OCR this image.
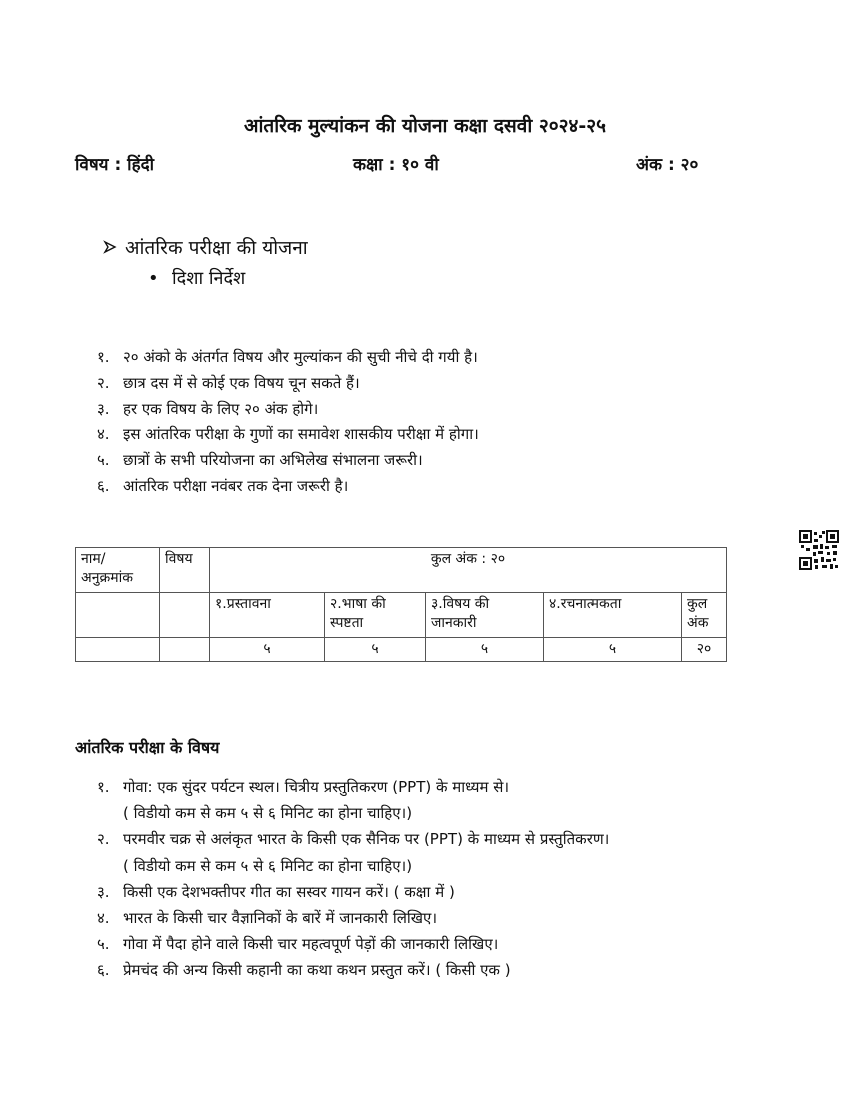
आंतरिक मुल्यांकन की योजना कक्षा दसवी २०२४-२५
विषय : हिंदी	कक्षा : १० वी	अंक : २०
आंतरिक परीक्षा की योजना
• दिशा निर्देश
१. २० अंको के अंतर्गत विषय और मुल्यांकन की सुची नीचे दी गयी है।
२. छात्र दस में से कोई एक विषय चून सकते हैं।
३. हर एक विषय के लिए २० अंक होगे।
४. इस आंतरिक परीक्षा के गुणों का समावेश शासकीय परीक्षा में होगा।
५. छात्रों के सभी परियोजना का अभिलेख संभालना जरूरी।
६. आंतरिक परीक्षा नवंबर तक देना जरूरी है।
नाम/ अनुक्रमांक	विषय	कुल अंक : २०				
		१.प्रस्तावना	२.भाषा की स्पष्टता	३.विषय की जानकारी	४.रचनात्मकता	कुल अंक
		५	५	५	५	२०
आंतरिक परीक्षा के विषय
१. गोवा: एक सुंदर पर्यटन स्थल। चित्रीय प्रस्तुतिकरण (PPT) के माध्यम से।
( विडीयो कम से कम ५ से ६ मिनिट का होना चाहिए।)
२. परमवीर चक्र से अलंकृत भारत के किसी एक सैनिक पर (PPT) के माध्यम से प्रस्तुतिकरण।
( विडीयो कम से कम ५ से ६ मिनिट का होना चाहिए।)
३. किसी एक देशभक्तीपर गीत का सस्वर गायन करें। ( कक्षा में )
४. भारत के किसी चार वैज्ञानिकों के बारें में जानकारी लिखिए।
५. गोवा में पैदा होने वाले किसी चार महत्वपूर्ण पेड़ों की जानकारी लिखिए।
६. प्रेमचंद की अन्य किसी कहानी का कथा कथन प्रस्तुत करें। ( किसी एक )
